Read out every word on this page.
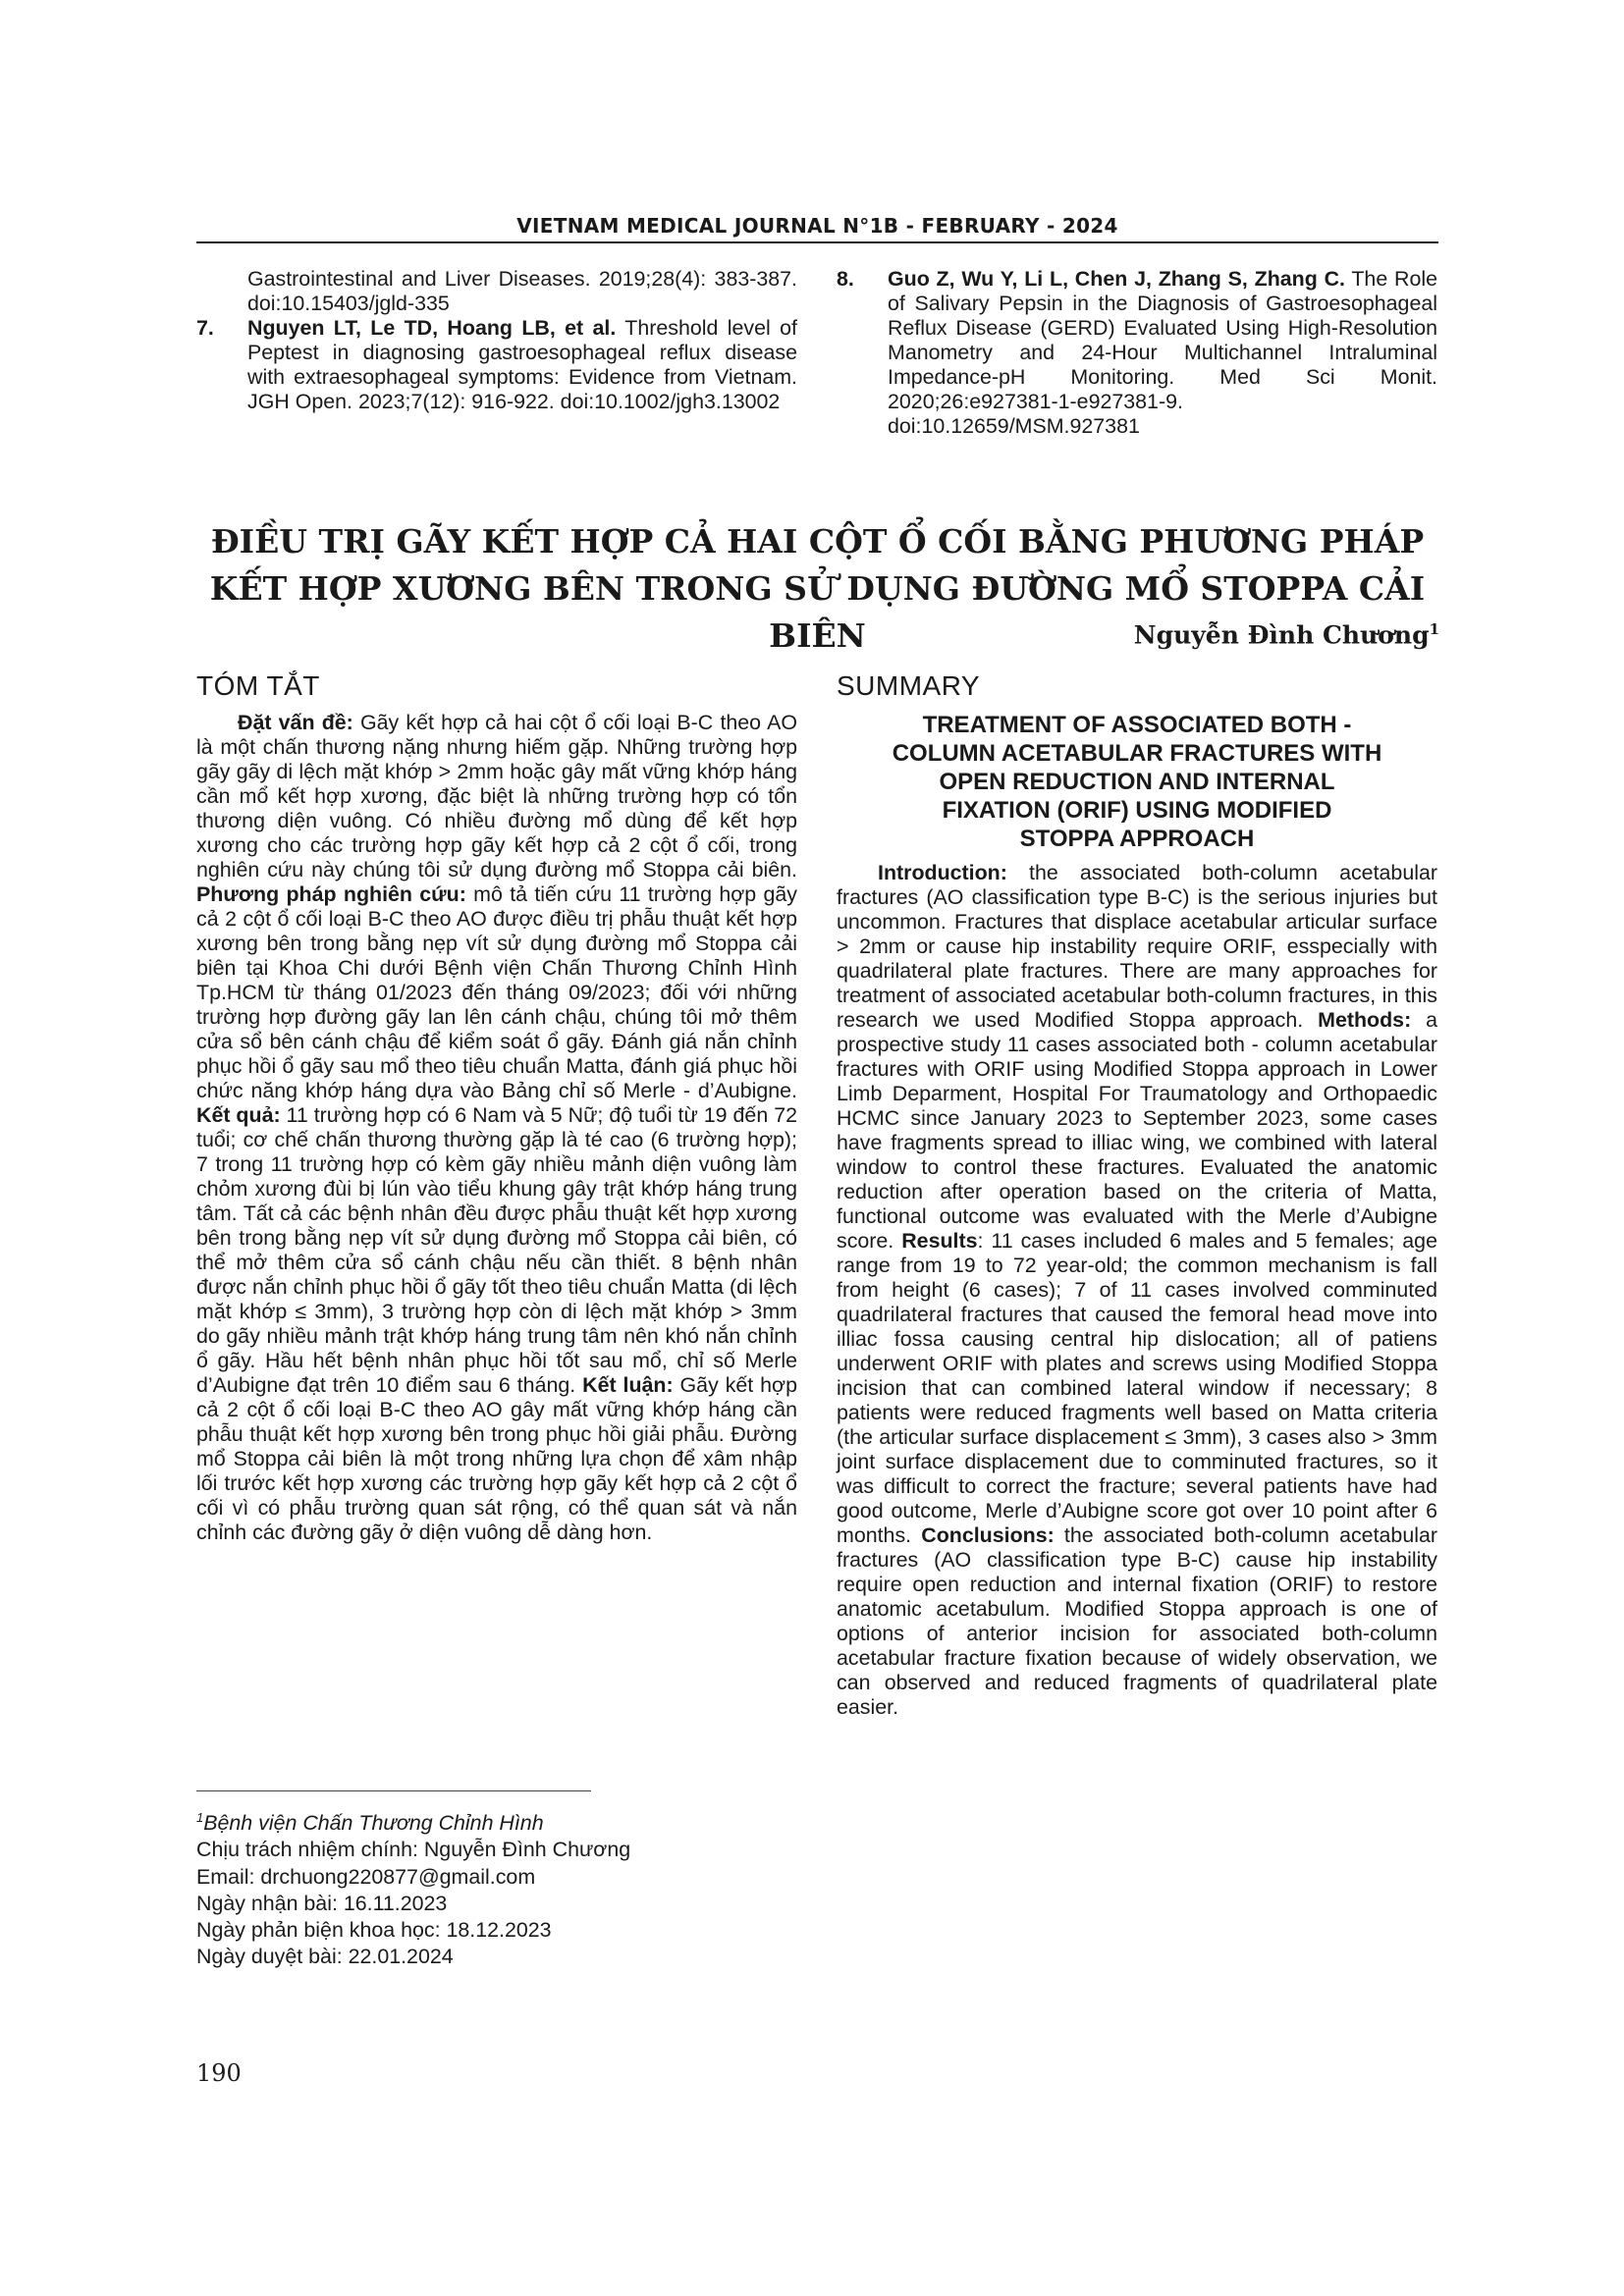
VIETNAM MEDICAL JOURNAL N°1B - FEBRUARY - 2024
Gastrointestinal and Liver Diseases. 2019;28(4): 383-387. doi:10.15403/jgld-335
7. Nguyen LT, Le TD, Hoang LB, et al. Threshold level of Peptest in diagnosing gastroesophageal reflux disease with extraesophageal symptoms: Evidence from Vietnam. JGH Open. 2023;7(12): 916-922. doi:10.1002/jgh3.13002
8. Guo Z, Wu Y, Li L, Chen J, Zhang S, Zhang C. The Role of Salivary Pepsin in the Diagnosis of Gastroesophageal Reflux Disease (GERD) Evaluated Using High-Resolution Manometry and 24-Hour Multichannel Intraluminal Impedance-pH Monitoring. Med Sci Monit. 2020;26:e927381-1-e927381-9. doi:10.12659/MSM.927381
ĐIỀU TRỊ GÃY KẾT HỢP CẢ HAI CỘT Ổ CỐI BẰNG PHƯƠNG PHÁP
KẾT HỢP XƯƠNG BÊN TRONG SỬ DỤNG ĐƯỜNG MỔ STOPPA CẢI BIÊN	Nguyễn Đình Chương$^1$
TÓM TẮT

Đặt vấn đề: Gãy kết hợp cả hai cột ổ cối loại B-C theo AO là một chấn thương nặng nhưng hiếm gặp. Những trường hợp gãy gãy di lệch mặt khớp > 2mm hoặc gây mất vững khớp háng cần mổ kết hợp xương, đặc biệt là những trường hợp có tổn thương diện vuông. Có nhiều đường mổ dùng để kết hợp xương cho các trường hợp gãy kết hợp cả 2 cột ổ cối, trong nghiên cứu này chúng tôi sử dụng đường mổ Stoppa cải biên. Phương pháp nghiên cứu: mô tả tiến cứu 11 trường hợp gãy cả 2 cột ổ cối loại B-C theo AO được điều trị phẫu thuật kết hợp xương bên trong bằng nẹp vít sử dụng đường mổ Stoppa cải biên tại Khoa Chi dưới Bệnh viện Chấn Thương Chỉnh Hình Tp.HCM từ tháng 01/2023 đến tháng 09/2023; đối với những trường hợp đường gãy lan lên cánh chậu, chúng tôi mở thêm cửa sổ bên cánh chậu để kiểm soát ổ gãy. Đánh giá nắn chỉnh phục hồi ổ gãy sau mổ theo tiêu chuẩn Matta, đánh giá phục hồi chức năng khớp háng dựa vào Bảng chỉ số Merle - d’Aubigne. Kết quả: 11 trường hợp có 6 Nam và 5 Nữ; độ tuổi từ 19 đến 72 tuổi; cơ chế chấn thương thường gặp là té cao (6 trường hợp); 7 trong 11 trường hợp có kèm gãy nhiều mảnh diện vuông làm chỏm xương đùi bị lún vào tiểu khung gây trật khớp háng trung tâm. Tất cả các bệnh nhân đều được phẫu thuật kết hợp xương bên trong bằng nẹp vít sử dụng đường mổ Stoppa cải biên, có thể mở thêm cửa sổ cánh chậu nếu cần thiết. 8 bệnh nhân được nắn chỉnh phục hồi ổ gãy tốt theo tiêu chuẩn Matta (di lệch mặt khớp ≤ 3mm), 3 trường hợp còn di lệch mặt khớp > 3mm do gãy nhiều mảnh trật khớp háng trung tâm nên khó nắn chỉnh ổ gãy. Hầu hết bệnh nhân phục hồi tốt sau mổ, chỉ số Merle d’Aubigne đạt trên 10 điểm sau 6 tháng. Kết luận: Gãy kết hợp cả 2 cột ổ cối loại B-C theo AO gây mất vững khớp háng cần phẫu thuật kết hợp xương bên trong phục hồi giải phẫu. Đường mổ Stoppa cải biên là một trong những lựa chọn để xâm nhập lối trước kết hợp xương các trường hợp gãy kết hợp cả 2 cột ổ cối vì có phẫu trường quan sát rộng, có thể quan sát và nắn chỉnh các đường gãy ở diện vuông dễ dàng hơn.

SUMMARY
TREATMENT OF ASSOCIATED BOTH -
COLUMN ACETABULAR FRACTURES WITH
OPEN REDUCTION AND INTERNAL
FIXATION (ORIF) USING MODIFIED
STOPPA APPROACH

Introduction: the associated both-column acetabular fractures (AO classification type B-C) is the serious injuries but uncommon. Fractures that displace acetabular articular surface > 2mm or cause hip instability require ORIF, esspecially with quadrilateral plate fractures. There are many approaches for treatment of associated acetabular both-column fractures, in this research we used Modified Stoppa approach. Methods: a prospective study 11 cases associated both - column acetabular fractures with ORIF using Modified Stoppa approach in Lower Limb Deparment, Hospital For Traumatology and Orthopaedic HCMC since January 2023 to September 2023, some cases have fragments spread to illiac wing, we combined with lateral window to control these fractures. Evaluated the anatomic reduction after operation based on the criteria of Matta, functional outcome was evaluated with the Merle d’Aubigne score. Results: 11 cases included 6 males and 5 females; age range from 19 to 72 year-old; the common mechanism is fall from height (6 cases); 7 of 11 cases involved comminuted quadrilateral fractures that caused the femoral head move into illiac fossa causing central hip dislocation; all of patiens underwent ORIF with plates and screws using Modified Stoppa incision that can combined lateral window if necessary; 8 patients were reduced fragments well based on Matta criteria (the articular surface displacement ≤ 3mm), 3 cases also > 3mm joint surface displacement due to comminuted fractures, so it was difficult to correct the fracture; several patients have had good outcome, Merle d’Aubigne score got over 10 point after 6 months. Conclusions: the associated both-column acetabular fractures (AO classification type B-C) cause hip instability require open reduction and internal fixation (ORIF) to restore anatomic acetabulum. Modified Stoppa approach is one of options of anterior incision for associated both-column acetabular fracture fixation because of widely observation, we can observed and reduced fragments of quadrilateral plate easier.

$^1$Bệnh viện Chấn Thương Chỉnh Hình
Chịu trách nhiệm chính: Nguyễn Đình Chương
Email: drchuong220877@gmail.com
Ngày nhận bài: 16.11.2023
Ngày phản biện khoa học: 18.12.2023
Ngày duyệt bài: 22.01.2024
190
